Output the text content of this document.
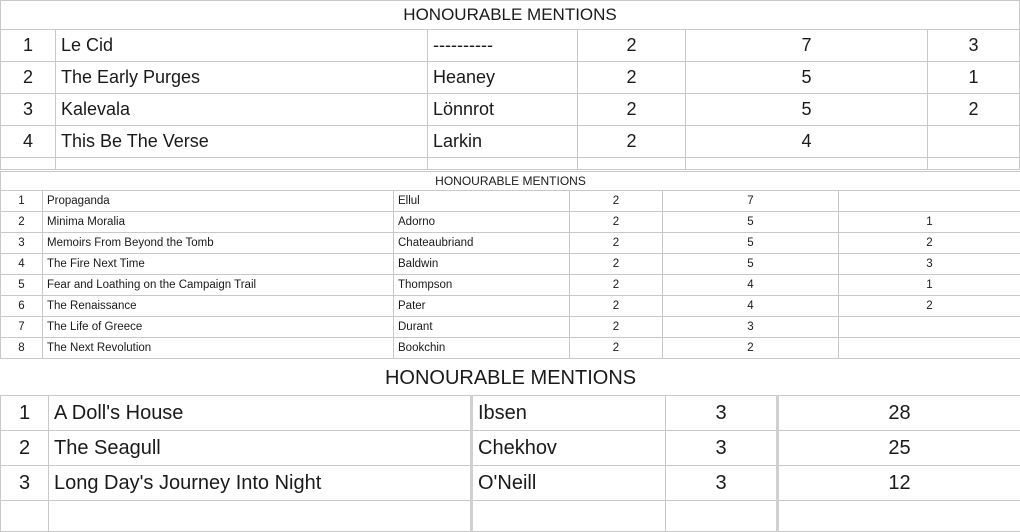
HONOURABLE MENTIONS					
1	Le Cid	----------	2	7	3
2	The Early Purges	Heaney	2	5	1
3	Kalevala	Lönnrot	2	5	2
4	This Be The Verse	Larkin	2	4	

HONOURABLE MENTIONS					
1	Propaganda	Ellul	2	7	
2	Minima Moralia	Adorno	2	5	1
3	Memoirs From Beyond the Tomb	Chateaubriand	2	5	2
4	The Fire Next Time	Baldwin	2	5	3
5	Fear and Loathing on the Campaign Trail	Thompson	2	4	1
6	The Renaissance	Pater	2	4	2
7	The Life of Greece	Durant	2	3	
8	The Next Revolution	Bookchin	2	2	
HONOURABLE MENTIONS				
1	A Doll's House	Ibsen	3	28
2	The Seagull	Chekhov	3	25
3	Long Day's Journey Into Night	O'Neill	3	12
